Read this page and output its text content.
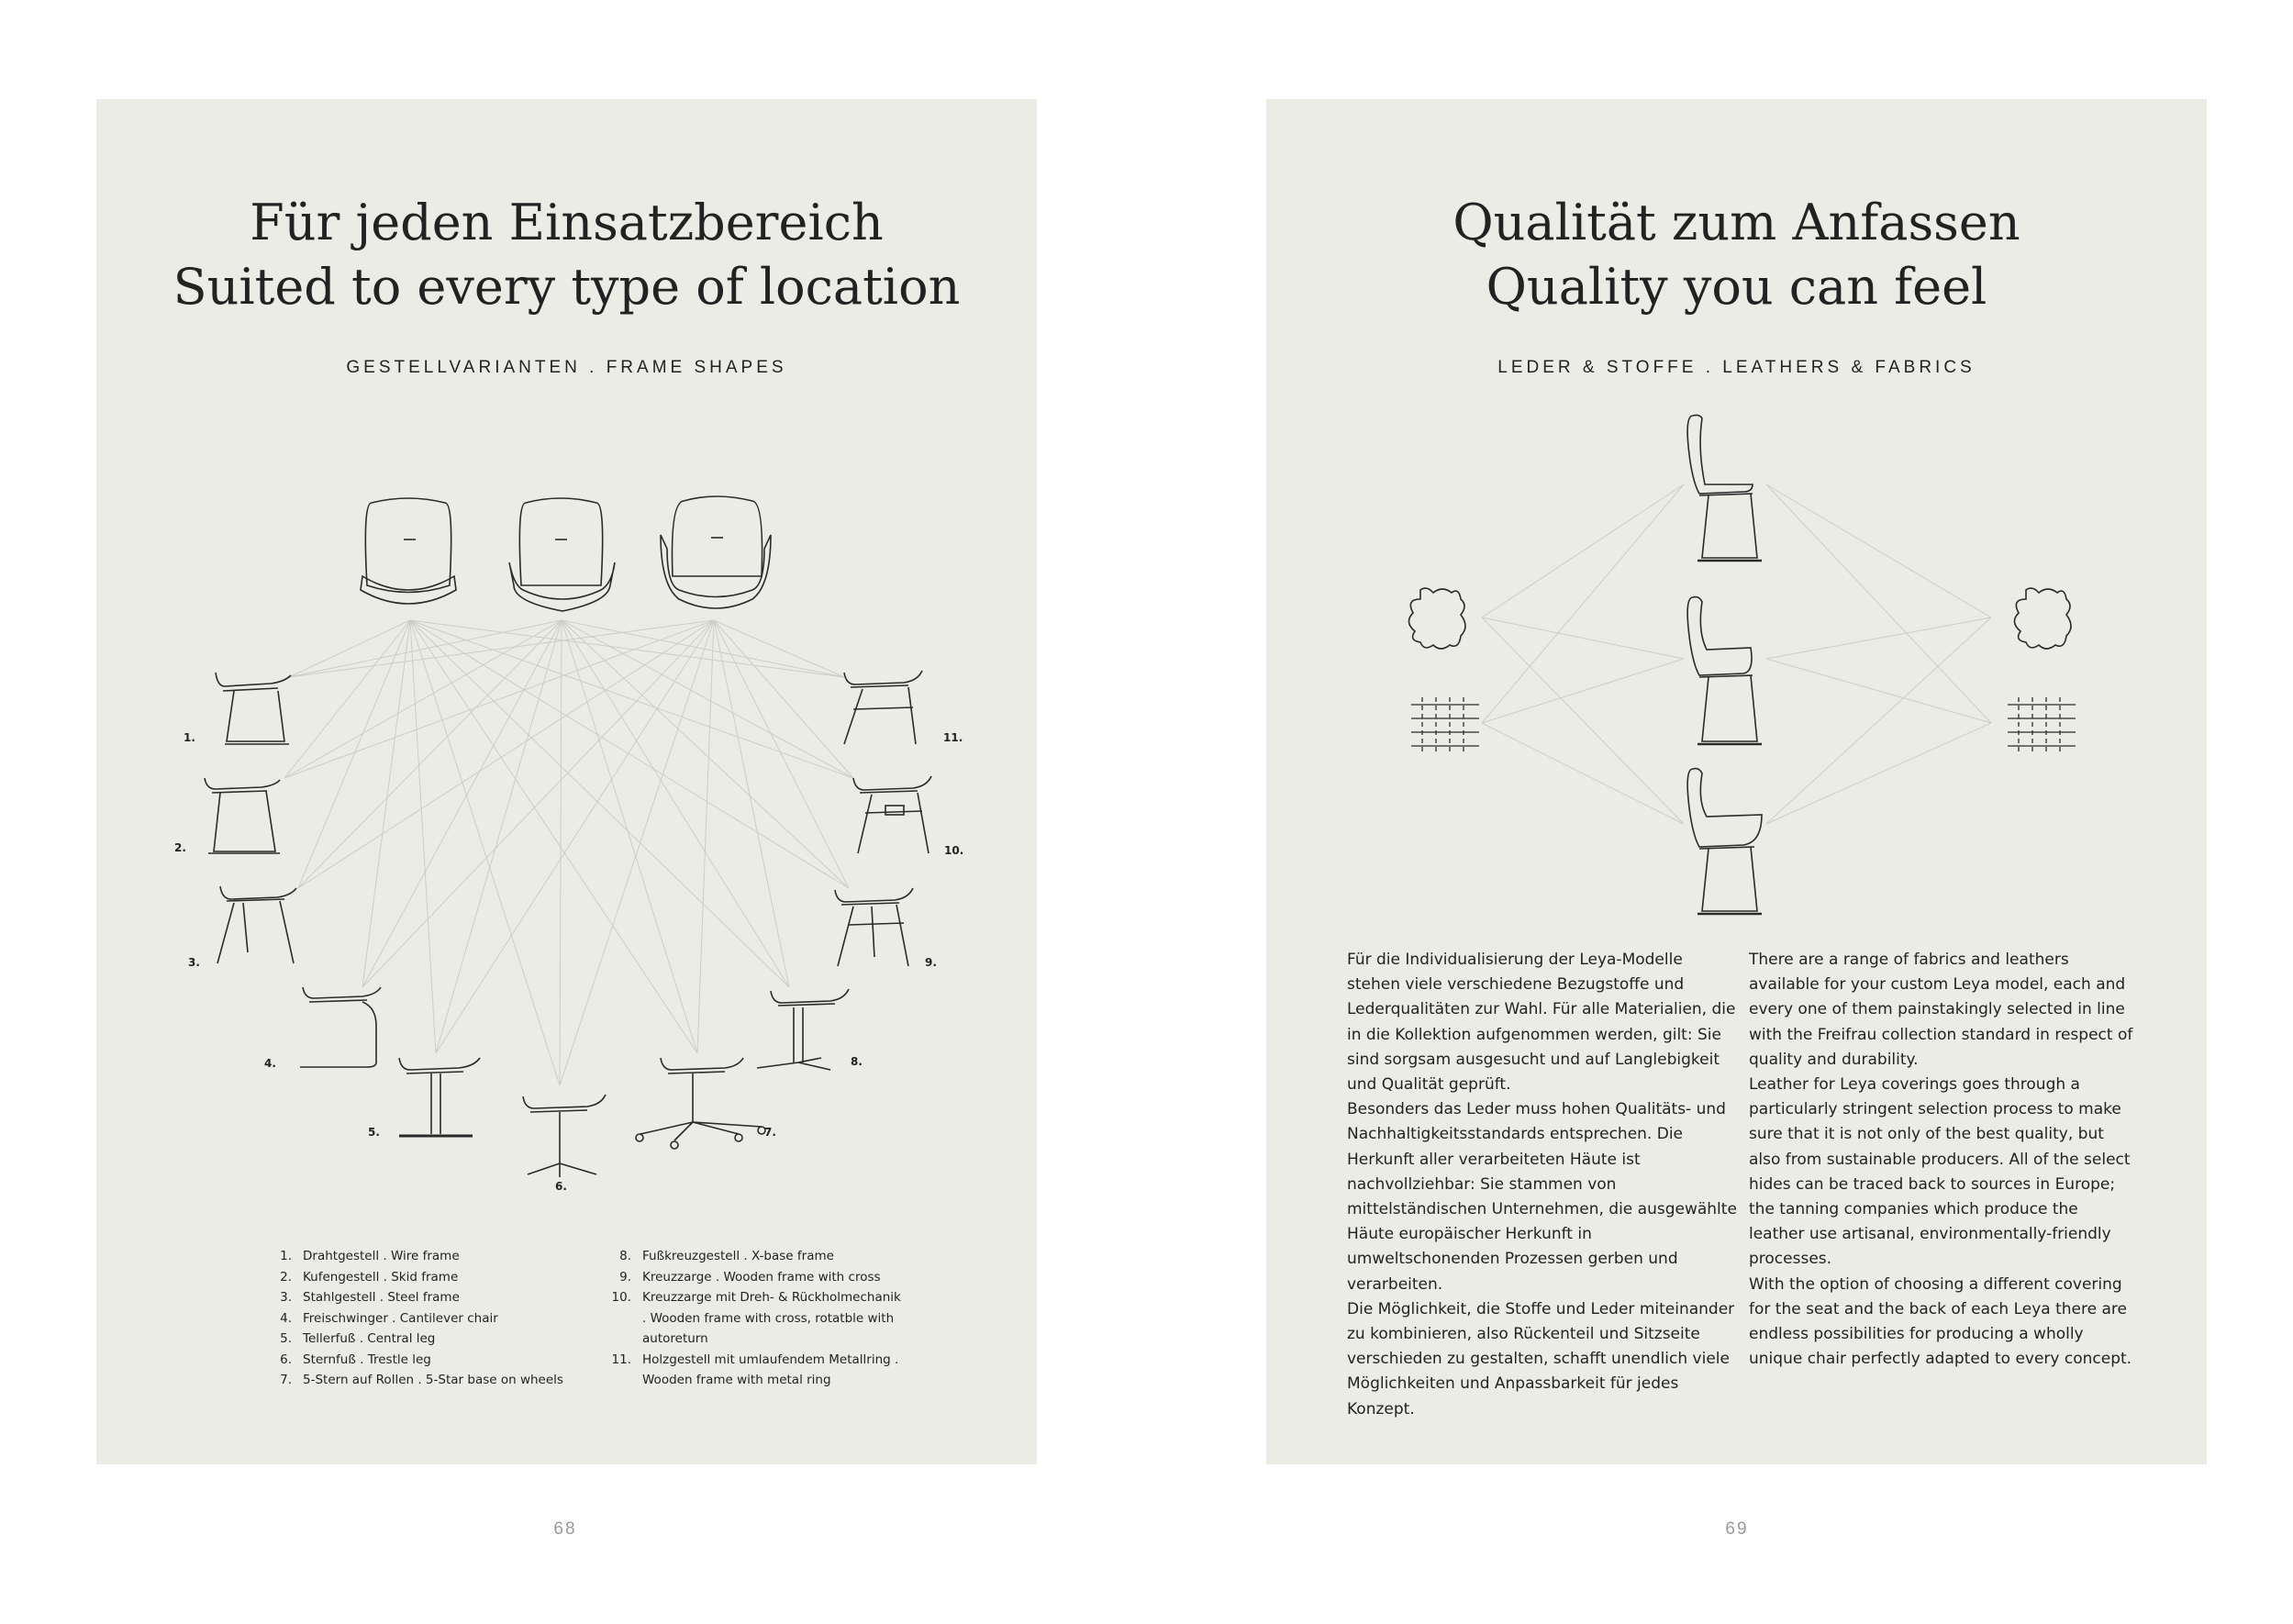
Für jeden Einsatzbereich
Suited to every type of location
GESTELLVARIANTEN . FRAME SHAPES
1.
2.
3.
4.
5.
6.
7.
8.
9.
10.
11.
1. Drahtgestell . Wire frame
2. Kufengestell . Skid frame
3. Stahlgestell . Steel frame
4. Freischwinger . Cantilever chair
5. Tellerfuß . Central leg
6. Sternfuß . Trestle leg
7. 5-Stern auf Rollen . 5-Star base on wheels
8. Fußkreuzgestell . X-base frame
9. Kreuzzarge . Wooden frame with cross
10. Kreuzzarge mit Dreh- & Rückholmechanik . Wooden frame with cross, rotatble with autoreturn
11. Holzgestell mit umlaufendem Metallring . Wooden frame with metal ring
68
Qualität zum Anfassen
Quality you can feel
LEDER & STOFFE . LEATHERS & FABRICS

Für die Individualisierung der Leya-Modelle stehen viele verschiedene Bezugstoffe und Lederqualitäten zur Wahl. Für alle Materialien, die in die Kollektion aufgenommen werden, gilt: Sie sind sorgsam ausgesucht und auf Langlebigkeit und Qualität geprüft.

Besonders das Leder muss hohen Qualitäts- und Nachhaltigkeitsstandards entsprechen. Die Herkunft aller verarbeiteten Häute ist nachvollziehbar: Sie stammen von mittelständischen Unternehmen, die ausgewählte Häute europäischer Herkunft in umweltschonenden Prozessen gerben und verarbeiten.

Die Möglichkeit, die Stoffe und Leder miteinander zu kombinieren, also Rückenteil und Sitzseite verschieden zu gestalten, schafft unendlich viele Möglichkeiten und Anpassbarkeit für jedes Konzept.

There are a range of fabrics and leathers available for your custom Leya model, each and every one of them painstakingly selected in line with the Freifrau collection standard in respect of quality and durability.

Leather for Leya coverings goes through a particularly stringent selection process to make sure that it is not only of the best quality, but also from sustainable producers. All of the select hides can be traced back to sources in Europe; the tanning companies which produce the leather use artisanal, environmentally-friendly processes.

With the option of choosing a different covering for the seat and the back of each Leya there are endless possibilities for producing a wholly unique chair perfectly adapted to every concept.

69
